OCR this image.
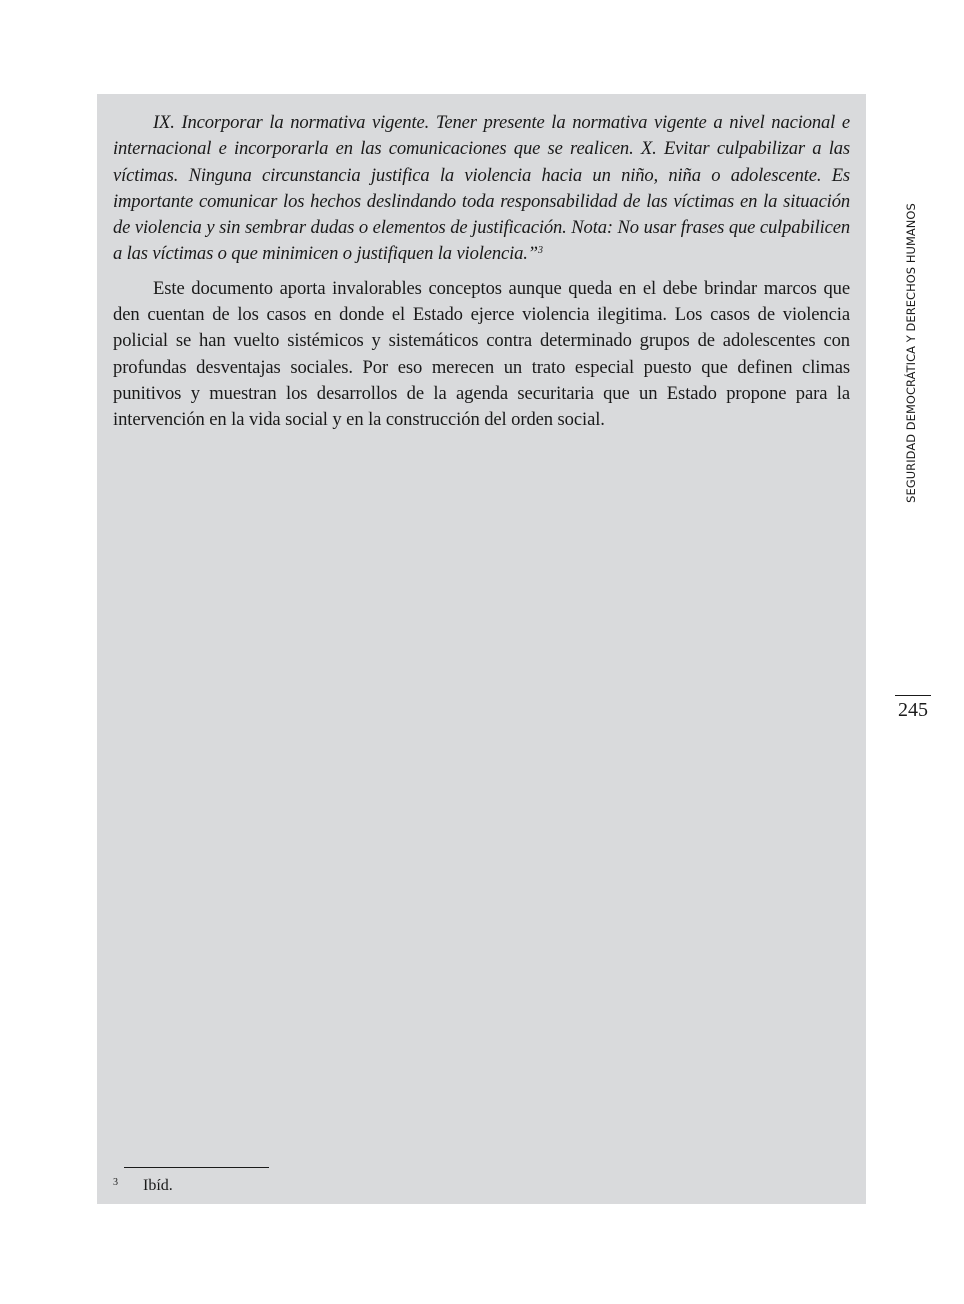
IX. Incorporar la normativa vigente. Tener presente la normativa vigente a nivel nacional e internacional e incorporarla en las comunicaciones que se realicen. X. Evitar culpabilizar a las víctimas. Ninguna circunstancia justifica la violencia hacia un niño, niña o adolescente. Es importante comunicar los hechos deslindando toda responsabilidad de las víctimas en la situación de violencia y sin sembrar dudas o elementos de justificación. Nota: No usar frases que culpabilicen a las víctimas o que minimicen o justifiquen la violencia.”$^3$

Este documento aporta invalorables conceptos aunque queda en el debe brindar marcos que den cuentan de los casos en donde el Estado ejerce violencia ilegitima. Los casos de violencia policial se han vuelto sistémicos y sistemáticos contra determinado grupos de adolescentes con profundas desventajas sociales. Por eso merecen un trato especial puesto que definen climas punitivos y muestran los desarrollos de la agenda securitaria que un Estado propone para la intervención en la vida social y en la construcción del orden social.

3 Ibíd.
SEGURIDAD DEMOCRÁTICA Y DERECHOS HUMANOS
245
